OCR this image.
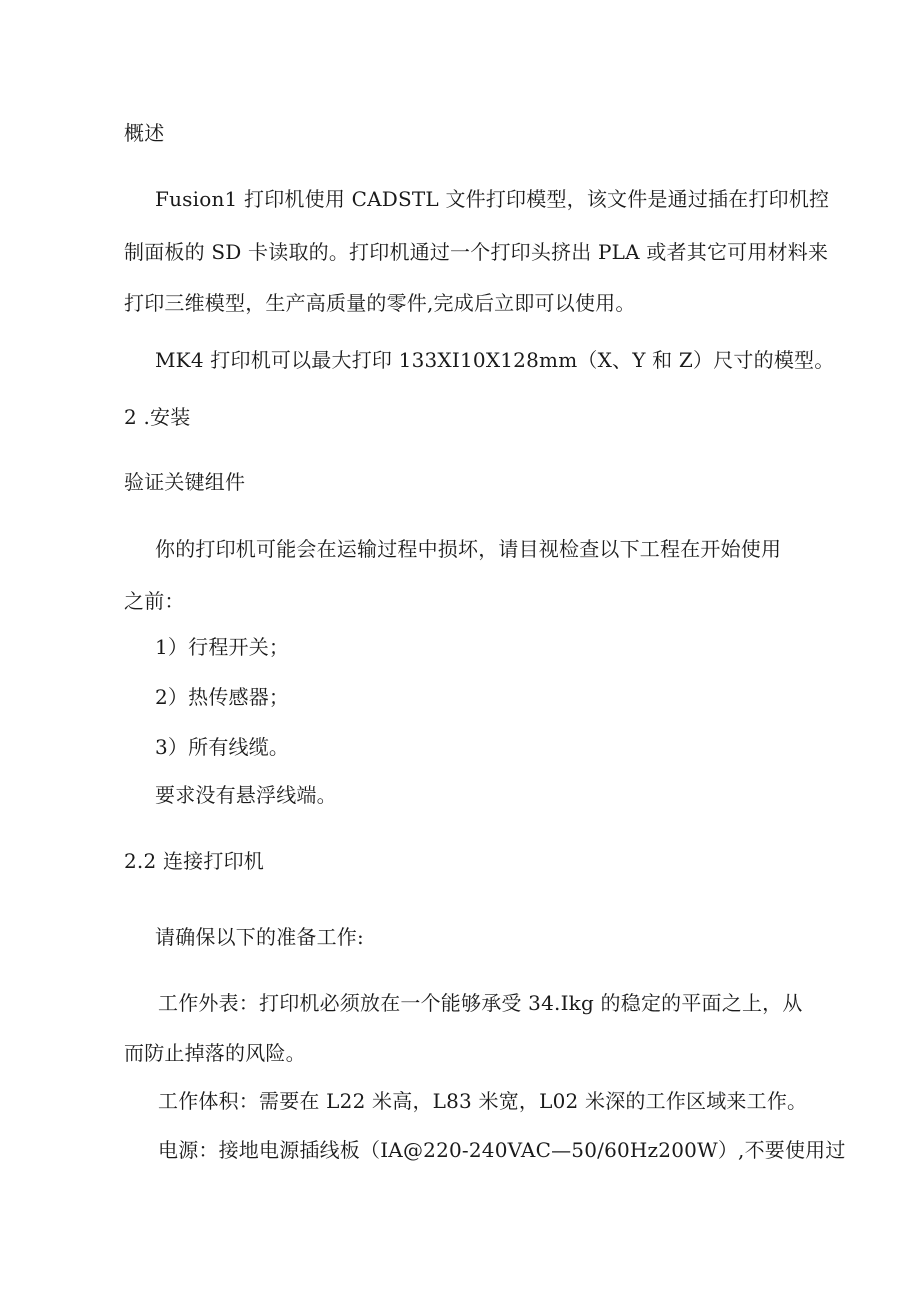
概述
Fusion1 打印机使用 CADSTL 文件打印模型，该文件是通过插在打印机控
制面板的 SD 卡读取的。打印机通过一个打印头挤出 PLA 或者其它可用材料来
打印三维模型，生产高质量的零件,完成后立即可以使用。
MK4 打印机可以最大打印 133XI10X128mm（X、Y 和 Z）尺寸的模型。
2 .安装
验证关键组件
你的打印机可能会在运输过程中损坏，请目视检查以下工程在开始使用
之前：
1）行程开关；
2）热传感器；
3）所有线缆。
要求没有悬浮线端。
2.2 连接打印机
请确保以下的准备工作:
工作外表：打印机必须放在一个能够承受 34.Ikg 的稳定的平面之上，从
而防止掉落的风险。
工作体积：需要在 L22 米高，L83 米宽，L02 米深的工作区域来工作。
电源：接地电源插线板（IA@220-240VAC—50/60Hz200W）,不要使用过
